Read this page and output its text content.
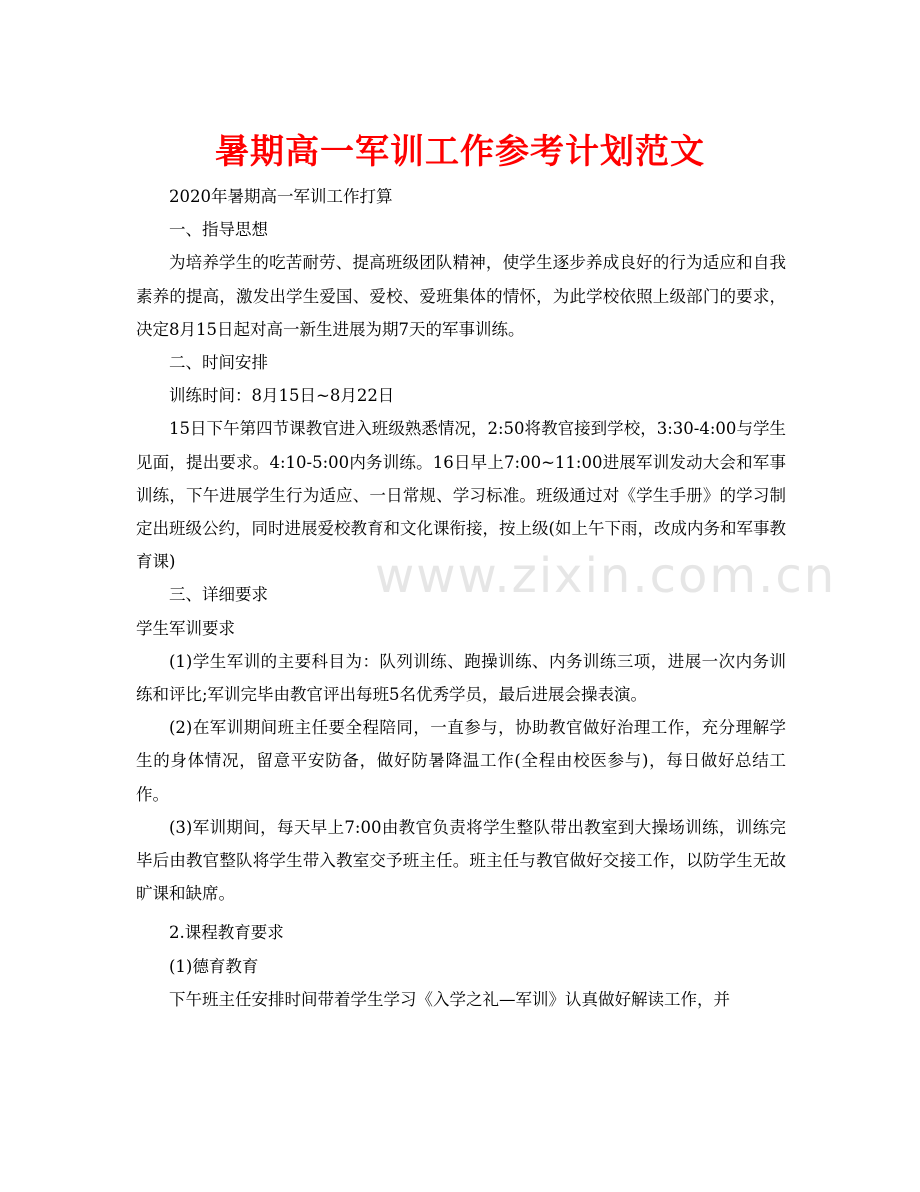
暑期高一军训工作参考计划范文

2020年暑期高一军训工作打算

一、指导思想

为培养学生的吃苦耐劳、提高班级团队精神，使学生逐步养成良好的行为适应和自我素养的提高，激发出学生爱国、爱校、爱班集体的情怀，为此学校依照上级部门的要求，决定8月15日起对高一新生进展为期7天的军事训练。

二、时间安排

训练时间：8月15日~8月22日

15日下午第四节课教官进入班级熟悉情况，2:50将教官接到学校，3:30-4:00与学生见面，提出要求。4:10-5:00内务训练。16日早上7:00~11:00进展军训发动大会和军事训练，下午进展学生行为适应、一日常规、学习标准。班级通过对《学生手册》的学习制定出班级公约，同时进展爱校教育和文化课衔接，按上级(如上午下雨，改成内务和军事教育课)

三、详细要求

学生军训要求

(1)学生军训的主要科目为：队列训练、跑操训练、内务训练三项，进展一次内务训练和评比;军训完毕由教官评出每班5名优秀学员，最后进展会操表演。

(2)在军训期间班主任要全程陪同，一直参与，协助教官做好治理工作，充分理解学生的身体情况，留意平安防备，做好防暑降温工作(全程由校医参与)，每日做好总结工作。

(3)军训期间，每天早上7:00由教官负责将学生整队带出教室到大操场训练，训练完毕后由教官整队将学生带入教室交予班主任。班主任与教官做好交接工作，以防学生无故旷课和缺席。

2.课程教育要求

(1)德育教育

下午班主任安排时间带着学生学习《入学之礼—军训》认真做好解读工作，并

www.zixin.com.cn
